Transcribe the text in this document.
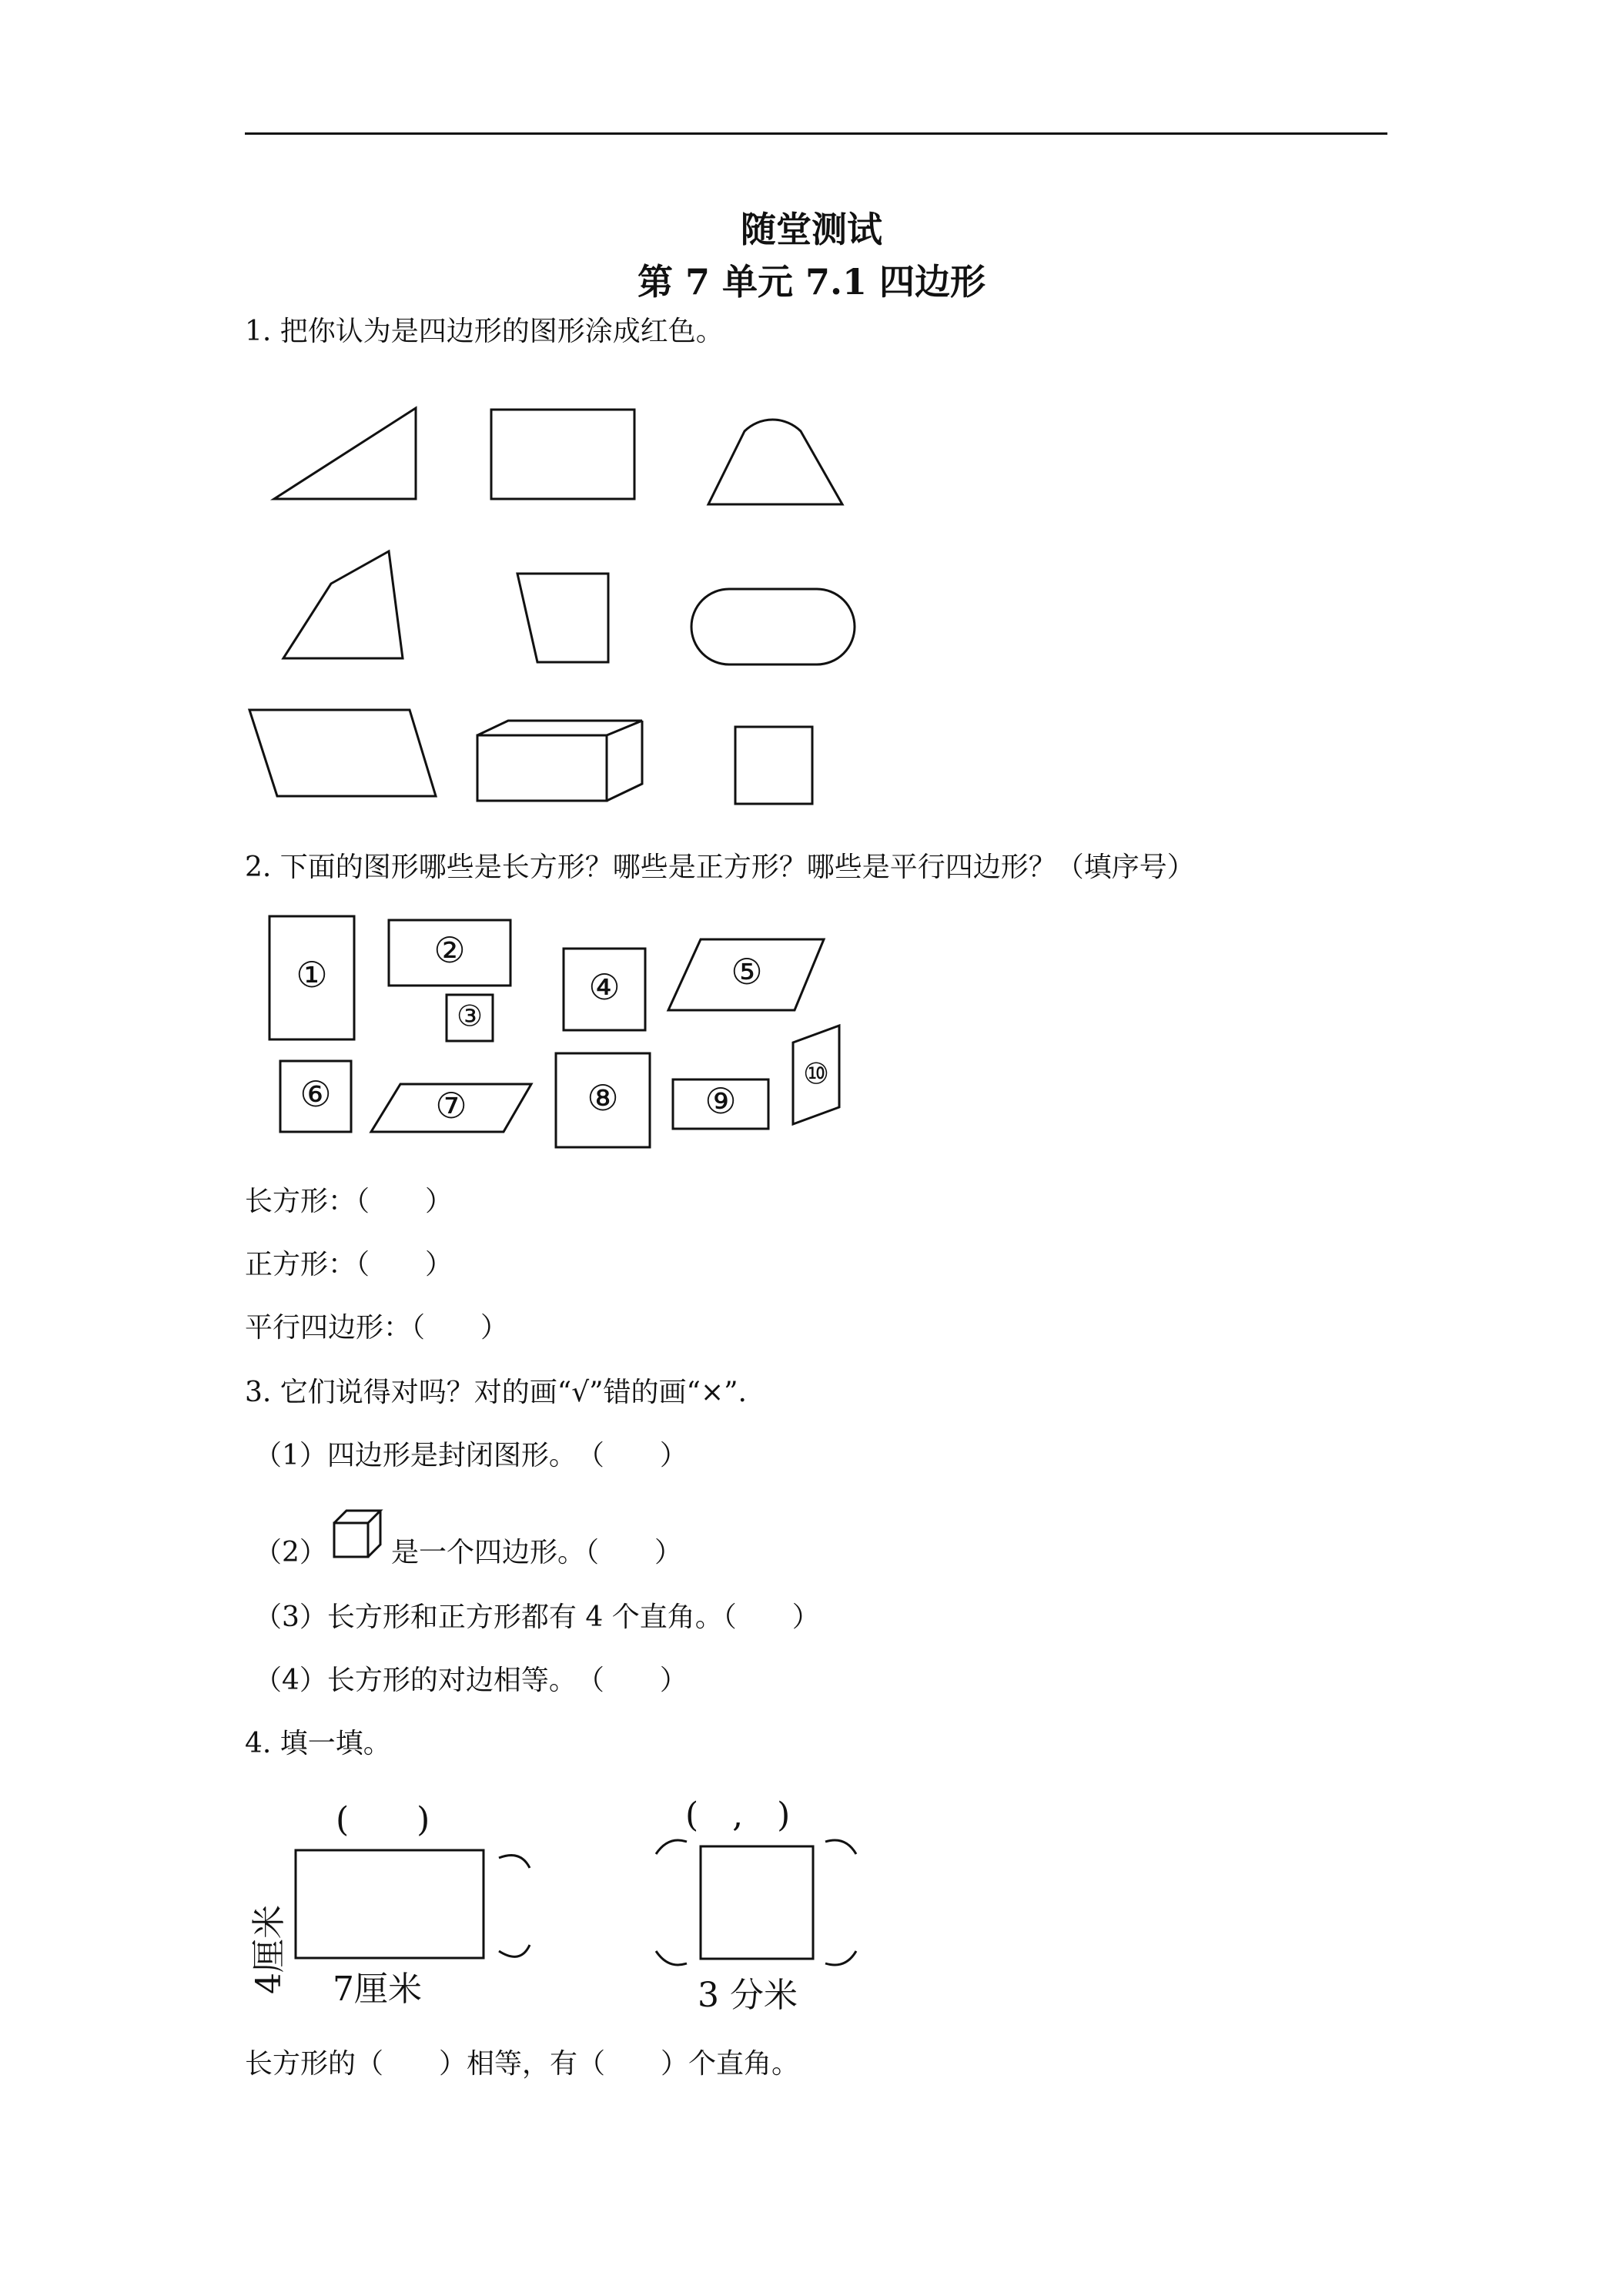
随堂测试
第 7 单元 7.1 四边形
1. 把你认为是四边形的图形涂成红色。
①
②
③
④	⑤
⑥	⑦	⑧ ⑨
⑩
(　　)
4厘米 7厘米
(　,　)
3 分米
2. 下面的图形哪些是长方形？哪些是正方形？哪些是平行四边形？（填序号）
长方形：（　　）
正方形：（　　）
平行四边形：（　　）
3. 它们说得对吗？对的画“√”错的画“×”.
（1）四边形是封闭图形。　（　　）
（2） 是一个四边形。（　　）
（3）长方形和正方形都有 4 个直角。（　　）
（4）长方形的对边相等。　（　　）
4. 填一填。
长方形的（　　）相等，有（　　）个直角。
